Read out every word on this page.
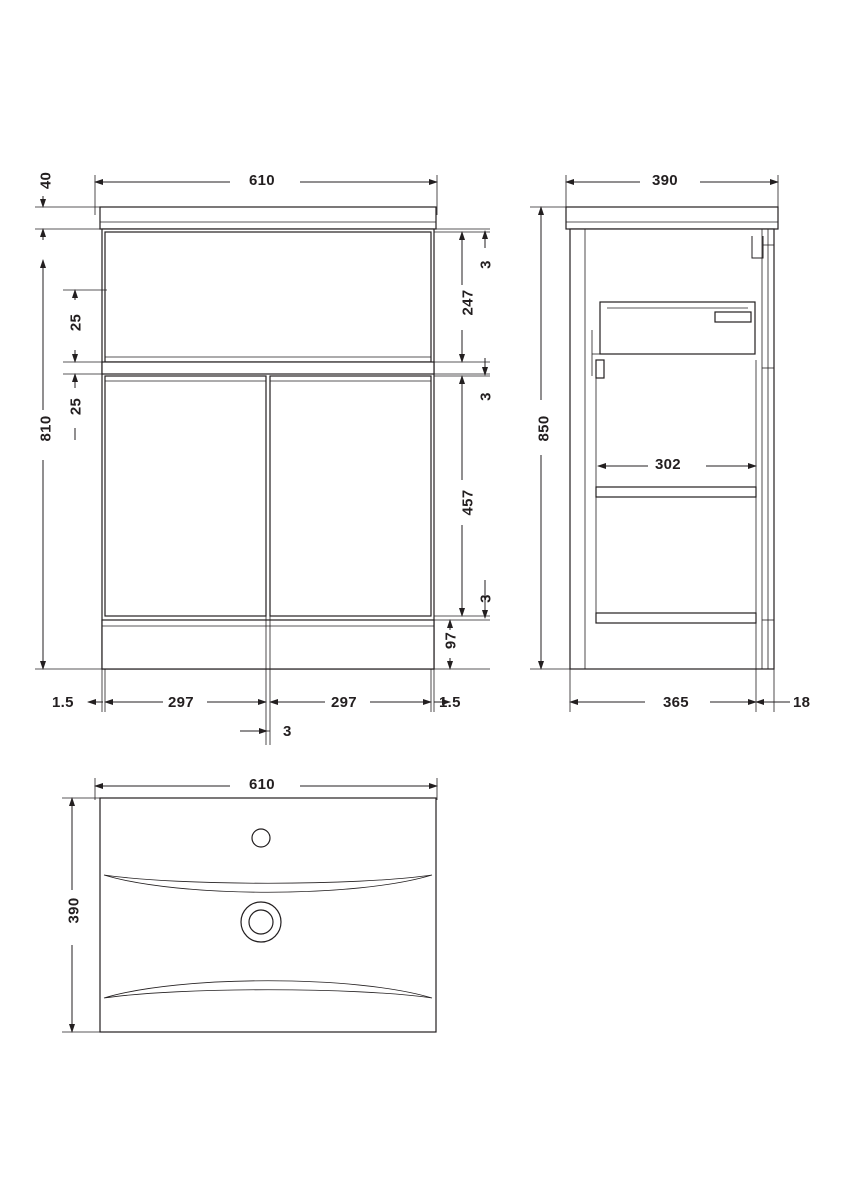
610
40
810
25
25
3
247
3
457
3
97
1.5	297	297	1.5
3
390
850
302
365	18
610
390
